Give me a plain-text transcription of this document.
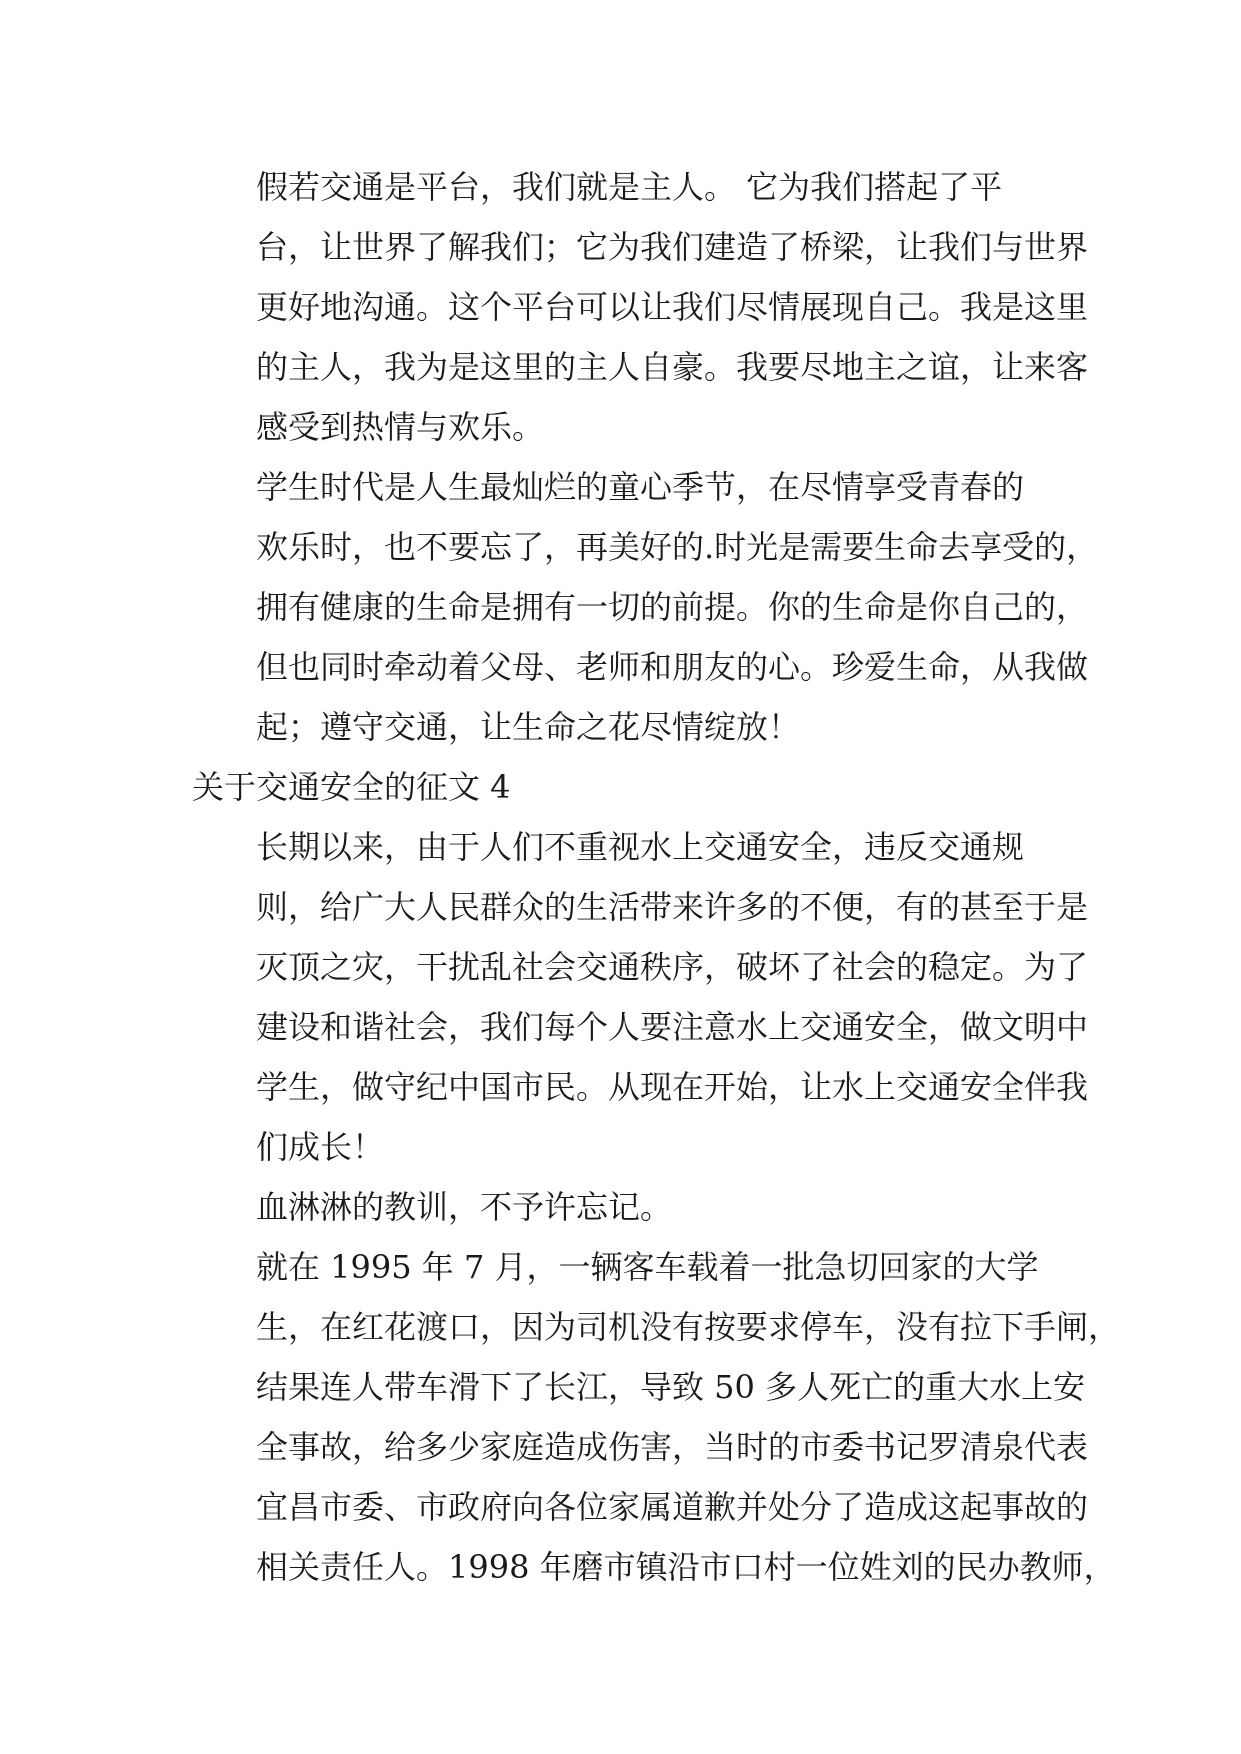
假若交通是平台，我们就是主人。 它为我们搭起了平
台，让世界了解我们；它为我们建造了桥梁，让我们与世界
更好地沟通。这个平台可以让我们尽情展现自己。我是这里
的主人，我为是这里的主人自豪。我要尽地主之谊，让来客
感受到热情与欢乐。

学生时代是人生最灿烂的童心季节，在尽情享受青春的
欢乐时，也不要忘了，再美好的.时光是需要生命去享受的，
拥有健康的生命是拥有一切的前提。你的生命是你自己的，
但也同时牵动着父母、老师和朋友的心。珍爱生命，从我做
起；遵守交通，让生命之花尽情绽放！

关于交通安全的征文 4

长期以来，由于人们不重视水上交通安全，违反交通规
则，给广大人民群众的生活带来许多的不便，有的甚至于是
灭顶之灾，干扰乱社会交通秩序，破坏了社会的稳定。为了
建设和谐社会，我们每个人要注意水上交通安全，做文明中
学生，做守纪中国市民。从现在开始，让水上交通安全伴我
们成长！

血淋淋的教训，不予许忘记。

就在 1995 年 7 月，一辆客车载着一批急切回家的大学
生，在红花渡口，因为司机没有按要求停车，没有拉下手闸，
结果连人带车滑下了长江，导致 50 多人死亡的重大水上安
全事故，给多少家庭造成伤害，当时的市委书记罗清泉代表
宜昌市委、市政府向各位家属道歉并处分了造成这起事故的
相关责任人。1998 年磨市镇沿市口村一位姓刘的民办教师，
